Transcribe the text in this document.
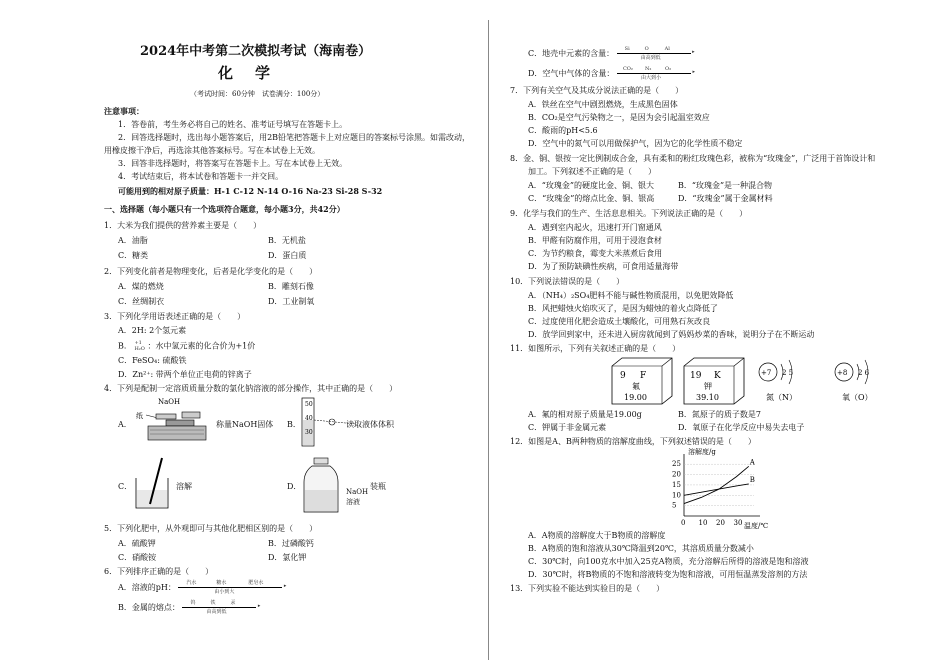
2024年中考第二次模拟考试（海南卷）
化学
（考试时间：60分钟　试卷满分：100分）
注意事项：
1．答卷前，考生务必将自己的姓名、准考证号填写在答题卡上。
2．回答选择题时，选出每小题答案后，用2B铅笔把答题卡上对应题目的答案标号涂黑。如需改动，
用橡皮擦干净后，再选涂其他答案标号。写在本试卷上无效。
3．回答非选择题时，将答案写在答题卡上。写在本试卷上无效。
4．考试结束后，将本试卷和答题卡一并交回。
可能用到的相对原子质量：H-1 C-12 N-14 O-16 Na-23 Si-28 S-32
一、选择题（每小题只有一个选项符合题意，每小题3分，共42分）
1．大米为我们提供的营养素主要是（　　）
A．油脂	B．无机盐
C．糖类	D．蛋白质
2．下列变化前者是物理变化，后者是化学变化的是（　　）
A．煤的燃烧	B．雕刻石像
C．丝绸制衣	D．工业制氧
3．下列化学用语表述正确的是（　　）
A．2H: 2个氢元素
B． +1
H₂O ：水中氢元素的化合价为+1价
C．FeSO₄: 硫酸铁
D．Zn²⁺: 带两个单位正电荷的锌离子
4．下列是配制一定溶质质量分数的氯化钠溶液的部分操作，其中正确的是（　　）
A．
NaOH
纸
称量NaOH固体 B．
50
40
30
读取液体体积
C．	溶解	D．
NaOH
溶液
装瓶
5．下列化肥中，从外观即可与其他化肥相区别的是（　　）
A．硫酸钾	B．过磷酸钙
C．硝酸铵	D．氯化钾
6．下列排序正确的是（　　）
A．溶液的pH：	▸
汽水	糖水	肥皂水
由小到大
B．金属的熔点：	▸
钨	铁	汞
由高到低
C．地壳中元素的含量：	▸
Si	O	Al
由高到低
D．空气中气体的含量：	▸
CO₂ N₂	O₂
由大到小
7．下列有关空气及其成分说法正确的是（　　）
A．铁丝在空气中剧烈燃烧，生成黑色固体
B．CO₂是空气污染物之一，是因为会引起温室效应
C．酸雨的pH<5.6
D．空气中的氮气可以用做保护气，因为它的化学性质不稳定
8．金、铜、银按一定比例制成合金，具有柔和的粉红玫瑰色彩，被称为“玫瑰金”，广泛用于首饰设计和
加工。下列叙述不正确的是（　　）
A．“玫瑰金”的硬度比金、铜、银大	B．“玫瑰金”是一种混合物
C．“玫瑰金”的熔点比金、铜、银高	D．“玫瑰金”属于金属材料
9．化学与我们的生产、生活息息相关。下列说法正确的是（　　）
A．遇到室内起火，迅速打开门窗通风
B．甲醛有防腐作用，可用于浸泡食材
C．为节约粮食，霉变大米蒸煮后食用
D．为了预防缺碘性疾病，可食用适量海带
10．下列说法错误的是（　　）
A．（NH₄）₂SO₄肥料不能与碱性物质混用，以免肥效降低
B．风把蜡烛火焰吹灭了，是因为蜡烛的着火点降低了
C．过度使用化肥会造成土壤酸化，可用熟石灰改良
D．放学回到家中，还未进入厨房就闻到了妈妈炒菜的香味，说明分子在不断运动
11．如图所示，下列有关叙述正确的是（　　）
9 F
氟
19.00
19 K
钾
39.10
+7 2 5
氮（N）
+8 2 6
氧（O）
A．氟的相对原子质量是19.00g	B．氮原子的质子数是7
C．钾属于非金属元素	D．氧原子在化学反应中易失去电子
12．如图是A、B两种物质的溶解度曲线，下列叙述错误的是（　　）
溶解度/g
温度/℃
5
10
15
20
25
0 10 20 30
A
B
A．A物质的溶解度大于B物质的溶解度
B．A物质的饱和溶液从30℃降温到20℃，其溶质质量分数减小
C．30℃时，向100克水中加入25克A物质，充分溶解后所得的溶液是饱和溶液
D．30℃时，将B物质的不饱和溶液转变为饱和溶液，可用恒温蒸发溶剂的方法
13．下列实验不能达到实验目的是（　　）
